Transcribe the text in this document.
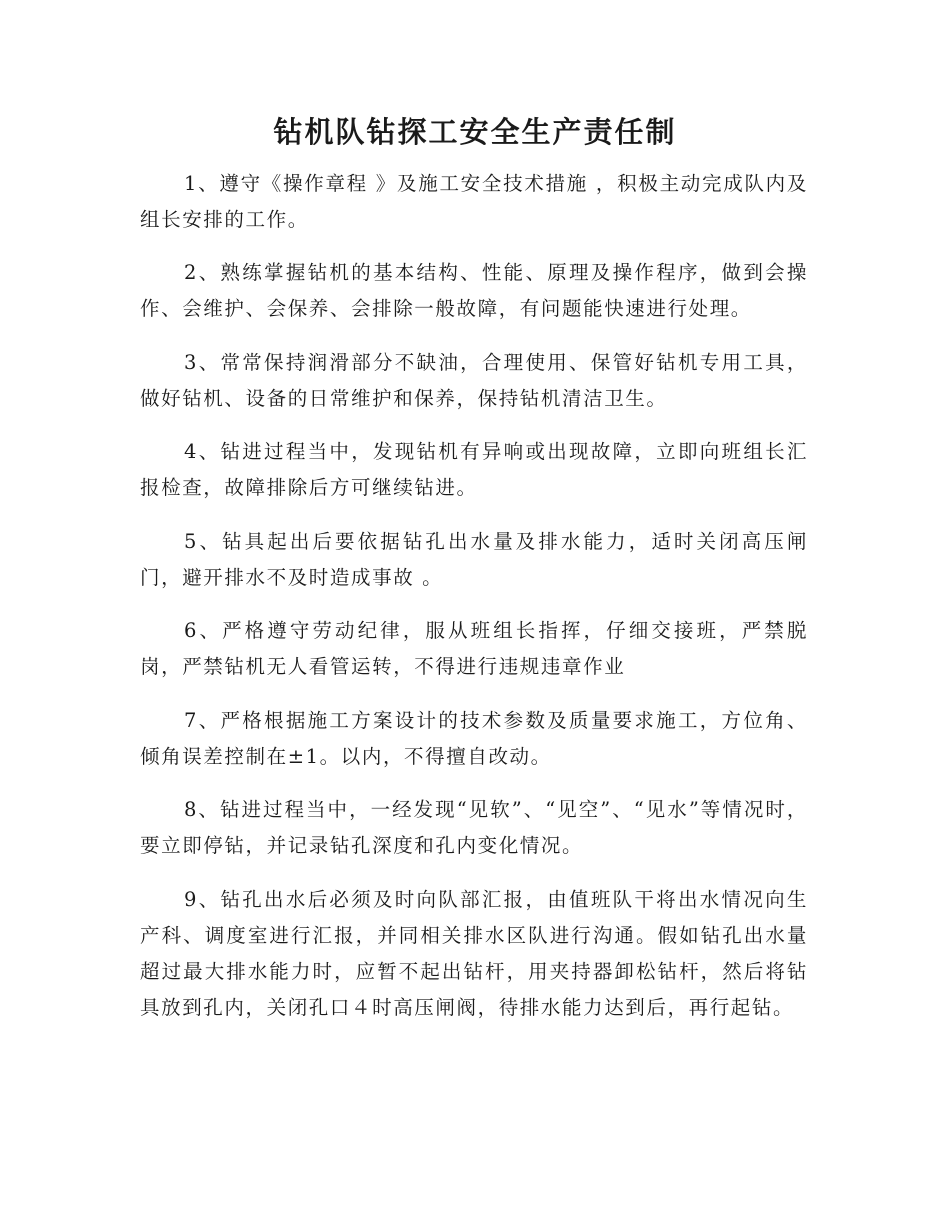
钻机队钻探工安全生产责任制
1、遵守《操作章程 》及施工安全技术措施 ，积极主动完成队内及组长安排的工作。
2、熟练掌握钻机的基本结构、性能、原理及操作程序，做到会操作、会维护、会保养、会排除一般故障，有问题能快速进行处理。
3、常常保持润滑部分不缺油，合理使用、保管好钻机专用工具，做好钻机、设备的日常维护和保养，保持钻机清洁卫生。
4、钻进过程当中，发现钻机有异响或出现故障，立即向班组长汇报检查，故障排除后方可继续钻进。
5、钻具起出后要依据钻孔出水量及排水能力，适时关闭高压闸门，避开排水不及时造成事故 。
6、严格遵守劳动纪律，服从班组长指挥，仔细交接班，严禁脱岗，严禁钻机无人看管运转，不得进行违规违章作业
7、严格根据施工方案设计的技术参数及质量要求施工，方位角、倾角误差控制在±1。以内，不得擅自改动。
8、钻进过程当中，一经发现“见软”、“见空”、“见水”等情况时，要立即停钻，并记录钻孔深度和孔内变化情况。
9、钻孔出水后必须及时向队部汇报，由值班队干将出水情况向生产科、调度室进行汇报，并同相关排水区队进行沟通。假如钻孔出水量超过最大排水能力时，应暂不起出钻杆，用夹持器卸松钻杆，然后将钻具放到孔内，关闭孔口４时高压闸阀，待排水能力达到后，再行起钻。
